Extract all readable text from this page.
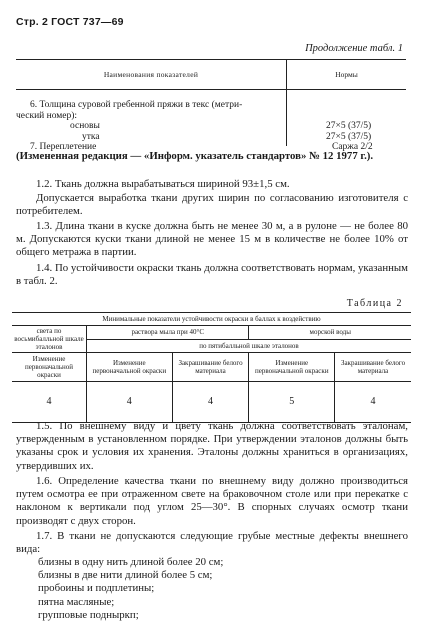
Стр. 2 ГОСТ 737—69
Продолжение табл. 1
Наименования показателей	Нормы
6. Толщина суровой гребенной пряжи в текс (метри-
ческий номер):
основы	27×5 (37/5)
утка	27×5 (37/5)
7. Переплетение	Саржа 2/2
(Измененная редакция — «Информ. указатель стандартов» № 12 1977 г.).
1.2. Ткань должна вырабатываться шириной 93±1,5 см.
Допускается выработка ткани других ширин по согласованию изготовителя с потребителем.
1.3. Длина ткани в куске должна быть не менее 30 м, а в рулоне — не более 80 м. Допускаются куски ткани длиной не менее 15 м в количестве не более 10% от общего метража в партии.
1.4. По устойчивости окраски ткань должна соответствовать нормам, указанным в табл. 2.
Таблица 2
Минимальные показатели устойчивости окраски в баллах к воздействию				
света по восьмибалльной шкале эталонов	раствора мыла при 40°С		морской воды	
	по пятибалльной шкале эталонов			
Изменение первоначальной окраски	Изменение первоначальной окраски	Закрашивание белого материала	Изменение первоначальной окраски	Закрашивание белого материала
4	4	4	5	4
1.5. По внешнему виду и цвету ткань должна соответствовать эталонам, утвержденным в установленном порядке. При утверждении эталонов должны быть указаны срок и условия их хранения. Эталоны должны храниться в организациях, утвердивших их.
1.6. Определение качества ткани по внешнему виду должно производиться путем осмотра ее при отраженном свете на браковочном столе или при перекатке с наклоном к вертикали под углом 25—30°. В спорных случаях осмотр ткани производят с двух сторон.
1.7. В ткани не допускаются следующие грубые местные дефекты внешнего вида:
близны в одну нить длиной более 20 см;
близны в две нити длиной более 5 см;
пробоины и подплетины;
пятна масляные;
групповые подныркп;
